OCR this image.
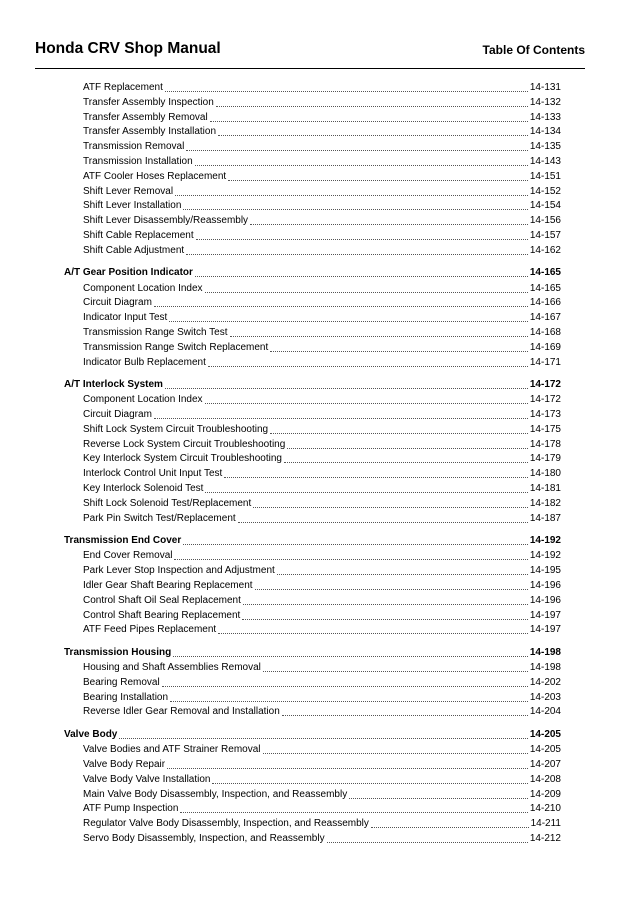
Honda CRV Shop Manual	Table Of Contents
ATF Replacement	14-131
Transfer Assembly Inspection	14-132
Transfer Assembly Removal	14-133
Transfer Assembly Installation	14-134
Transmission Removal	14-135
Transmission Installation	14-143
ATF Cooler Hoses Replacement	14-151
Shift Lever Removal	14-152
Shift Lever Installation	14-154
Shift Lever Disassembly/Reassembly	14-156
Shift Cable Replacement	14-157
Shift Cable Adjustment	14-162
A/T Gear Position Indicator	14-165
Component Location Index	14-165
Circuit Diagram	14-166
Indicator Input Test	14-167
Transmission Range Switch Test	14-168
Transmission Range Switch Replacement	14-169
Indicator Bulb Replacement	14-171
A/T Interlock System	14-172
Component Location Index	14-172
Circuit Diagram	14-173
Shift Lock System Circuit Troubleshooting	14-175
Reverse Lock System Circuit Troubleshooting	14-178
Key Interlock System Circuit Troubleshooting	14-179
Interlock Control Unit Input Test	14-180
Key Interlock Solenoid Test	14-181
Shift Lock Solenoid Test/Replacement	14-182
Park Pin Switch Test/Replacement	14-187
Transmission End Cover	14-192
End Cover Removal	14-192
Park Lever Stop Inspection and Adjustment	14-195
Idler Gear Shaft Bearing Replacement	14-196
Control Shaft Oil Seal Replacement	14-196
Control Shaft Bearing Replacement	14-197
ATF Feed Pipes Replacement	14-197
Transmission Housing	14-198
Housing and Shaft Assemblies Removal	14-198
Bearing Removal	14-202
Bearing Installation	14-203
Reverse Idler Gear Removal and Installation	14-204
Valve Body	14-205
Valve Bodies and ATF Strainer Removal	14-205
Valve Body Repair	14-207
Valve Body Valve Installation	14-208
Main Valve Body Disassembly, Inspection, and Reassembly	14-209
ATF Pump Inspection	14-210
Regulator Valve Body Disassembly, Inspection, and Reassembly	14-211
Servo Body Disassembly, Inspection, and Reassembly	14-212
